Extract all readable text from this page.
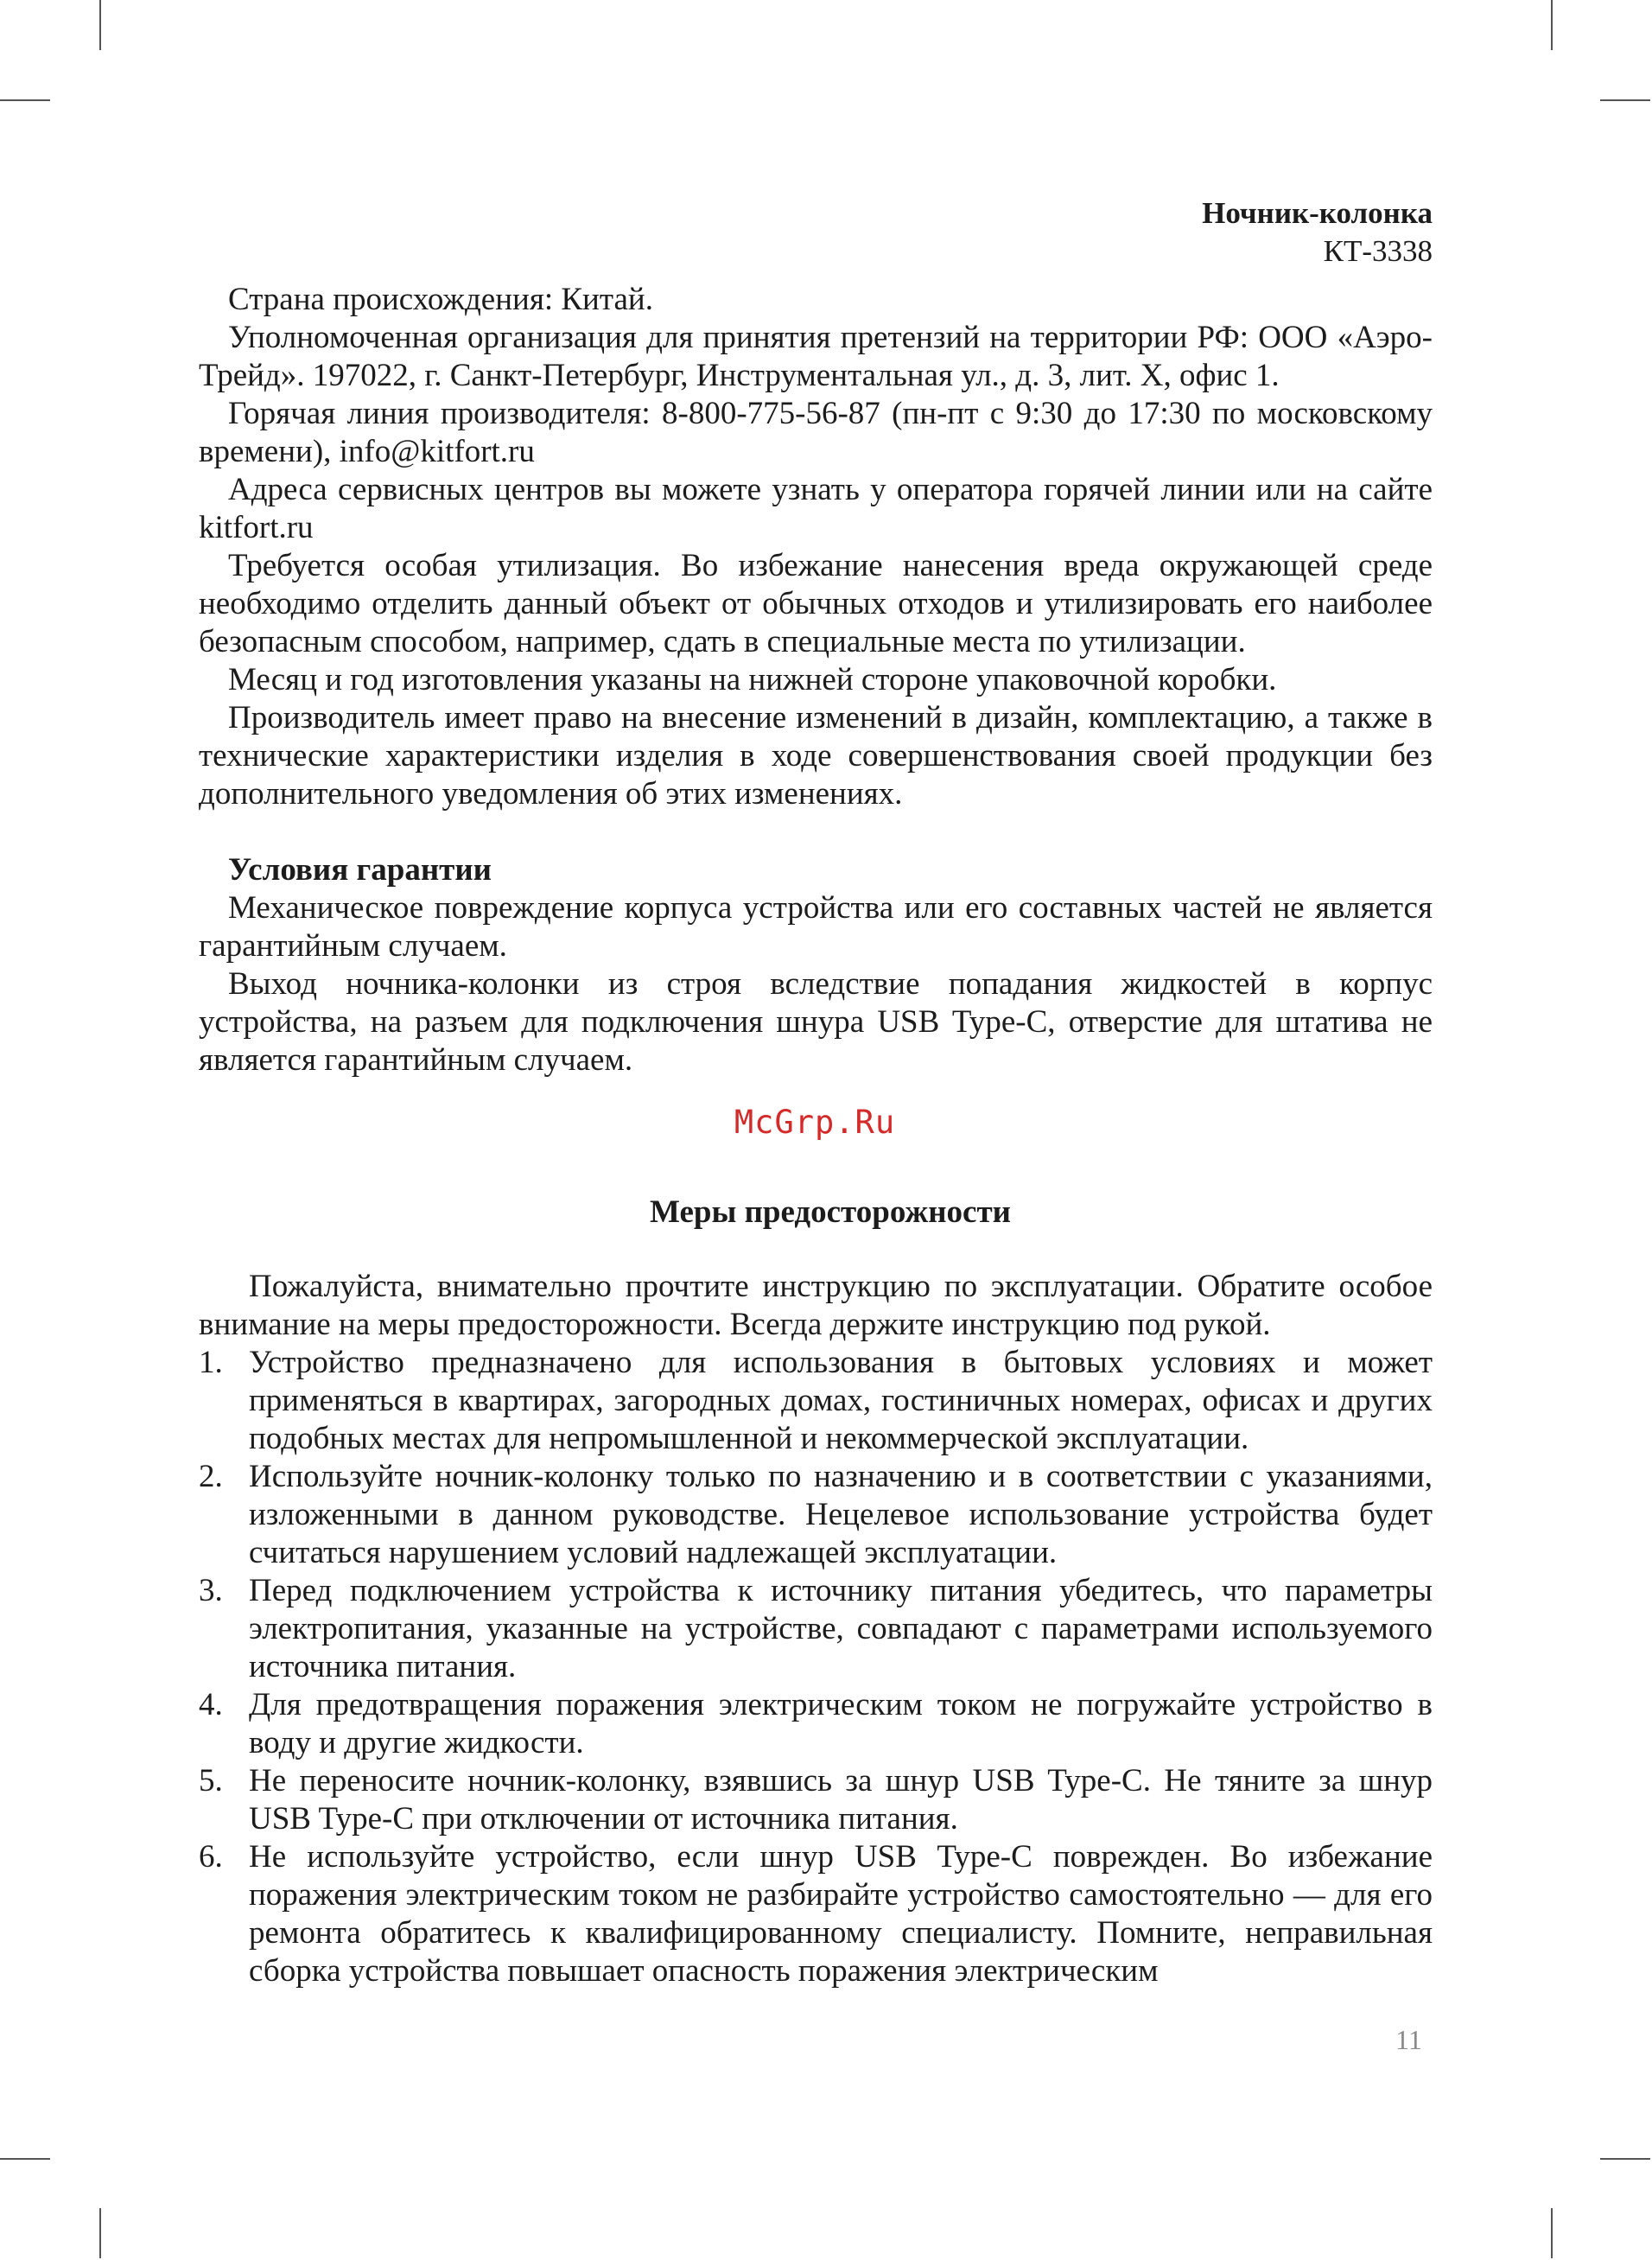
Ночник-колонка
КТ-3338

Страна происхождения: Китай.

Уполномоченная организация для принятия претензий на территории РФ: ООО «Аэро-Трейд». 197022, г. Санкт-Петербург, Инструментальная ул., д. 3, лит. Х, офис 1.

Горячая линия производителя: 8-800-775-56-87 (пн-пт с 9:30 до 17:30 по московскому времени), info@kitfort.ru

Адреса сервисных центров вы можете узнать у оператора горячей линии или на сайте kitfort.ru

Требуется особая утилизация. Во избежание нанесения вреда окружающей среде необходимо отделить данный объект от обычных отходов и утилизировать его наиболее безопасным способом, например, сдать в специальные места по утилизации.

Месяц и год изготовления указаны на нижней стороне упаковочной коробки.

Производитель имеет право на внесение изменений в дизайн, комплектацию, а также в технические характеристики изделия в ходе совершенствования своей продукции без дополнительного уведомления об этих изменениях.

Условия гарантии

Механическое повреждение корпуса устройства или его составных частей не является гарантийным случаем.

Выход ночника-колонки из строя вследствие попадания жидкостей в корпус устройства, на разъем для подключения шнура USB Type-C, отверстие для штатива не является гарантийным случаем.

McGrp.Ru
Меры предосторожности

Пожалуйста, внимательно прочтите инструкцию по эксплуатации. Обратите особое внимание на меры предосторожности. Всегда держите инструкцию под рукой.

1. Устройство предназначено для использования в бытовых условиях и может применяться в квартирах, загородных домах, гостиничных номерах, офисах и других подобных местах для непромышленной и некоммерческой эксплуатации.
2. Используйте ночник-колонку только по назначению и в соответствии с указаниями, изложенными в данном руководстве. Нецелевое использование устройства будет считаться нарушением условий надлежащей эксплуатации.
3. Перед подключением устройства к источнику питания убедитесь, что параметры электропитания, указанные на устройстве, совпадают с параметрами используемого источника питания.
4. Для предотвращения поражения электрическим током не погружайте устройство в воду и другие жидкости.
5. Не переносите ночник-колонку, взявшись за шнур USB Type-C. Не тяните за шнур USB Type-C при отключении от источника питания.
6. Не используйте устройство, если шнур USB Type-C поврежден. Во избежание поражения электрическим током не разбирайте устройство самостоятельно — для его ремонта обратитесь к квалифицированному специалисту. Помните, неправильная сборка устройства повышает опасность поражения электрическим
11
